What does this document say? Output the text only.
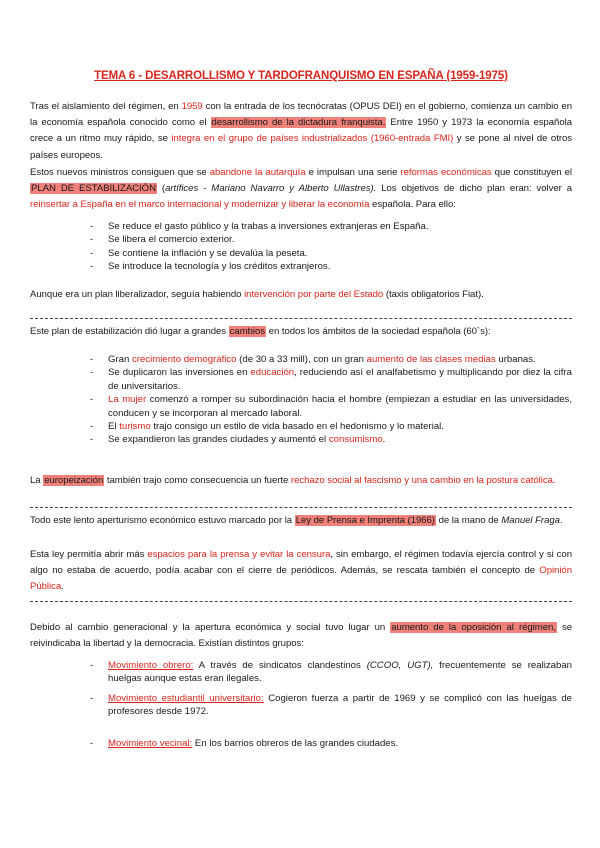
TEMA 6 - DESARROLLISMO Y TARDOFRANQUISMO EN ESPAÑA (1959-1975)
Tras el aislamiento del régimen, en 1959 con la entrada de los tecnócratas (OPUS DEI) en el gobierno, comienza un cambio en la economía española conocido como el desarrollismo de la dictadura franquista. Entre 1950 y 1973 la economía española crece a un ritmo muy rápido, se integra en el grupo de países industrializados (1960-entrada FMI) y se pone al nivel de otros países europeos.
Estos nuevos ministros consiguen que se abandone la autarquía e impulsan una serie reformas económicas que constituyen el PLAN DE ESTABILIZACIÓN (artífices - Mariano Navarro y Alberto Ullastres). Los objetivos de dicho plan eran: volver a reinsertar a España en el marco internacional y modernizar y liberar la economía española. Para ello:
- Se reduce el gasto público y la trabas a inversiones extranjeras en España.
- Se libera el comercio exterior.
- Se contiene la inflación y se devalúa la peseta.
- Se introduce la tecnología y los créditos extranjeros.
Aunque era un plan liberalizador, seguía habiendo intervención por parte del Estado (taxis obligatorios Fiat).
Este plan de estabilización dió lugar a grandes cambios en todos los ámbitos de la sociedad española (60`s):
- Gran crecimiento demográfico (de 30 a 33 mill), con un gran aumento de las clases medias urbanas.
- Se duplicaron las inversiones en educación, reduciendo así el analfabetismo y multiplicando por diez la cifra de universitarios.
- La mujer comenzó a romper su subordinación hacia el hombre (empiezan a estudiar en las universidades, conducen y se incorporan al mercado laboral.
- El turismo trajo consigo un estilo de vida basado en el hedonismo y lo material.
- Se expandieron las grandes ciudades y aumentó el consumismo.
La europeización también trajo como consecuencia un fuerte rechazo social al fascismo y una cambio en la postura católica.
Todo este lento aperturismo económico estuvo marcado por la Ley de Prensa e Imprenta (1966) de la mano de Manuel Fraga.
Esta ley permitía abrir más espacios para la prensa y evitar la censura, sin embargo, el régimen todavía ejercía control y si con algo no estaba de acuerdo, podía acabar con el cierre de periódicos. Además, se rescata también el concepto de Opinión Pública.
Debido al cambio generacional y la apertura económica y social tuvo lugar un aumento de la oposición al régimen, se reivindicaba la libertad y la democracia. Existían distintos grupos:
- Movimiento obrero: A través de sindicatos clandestinos (CCOO, UGT), frecuentemente se realizaban huelgas aunque estas eran ilegales.
- Movimiento estudiantil universitario: Cogieron fuerza a partir de 1969 y se complicó con las huelgas de profesores desde 1972.
- Movimiento vecinal: En los barrios obreros de las grandes ciudades.
